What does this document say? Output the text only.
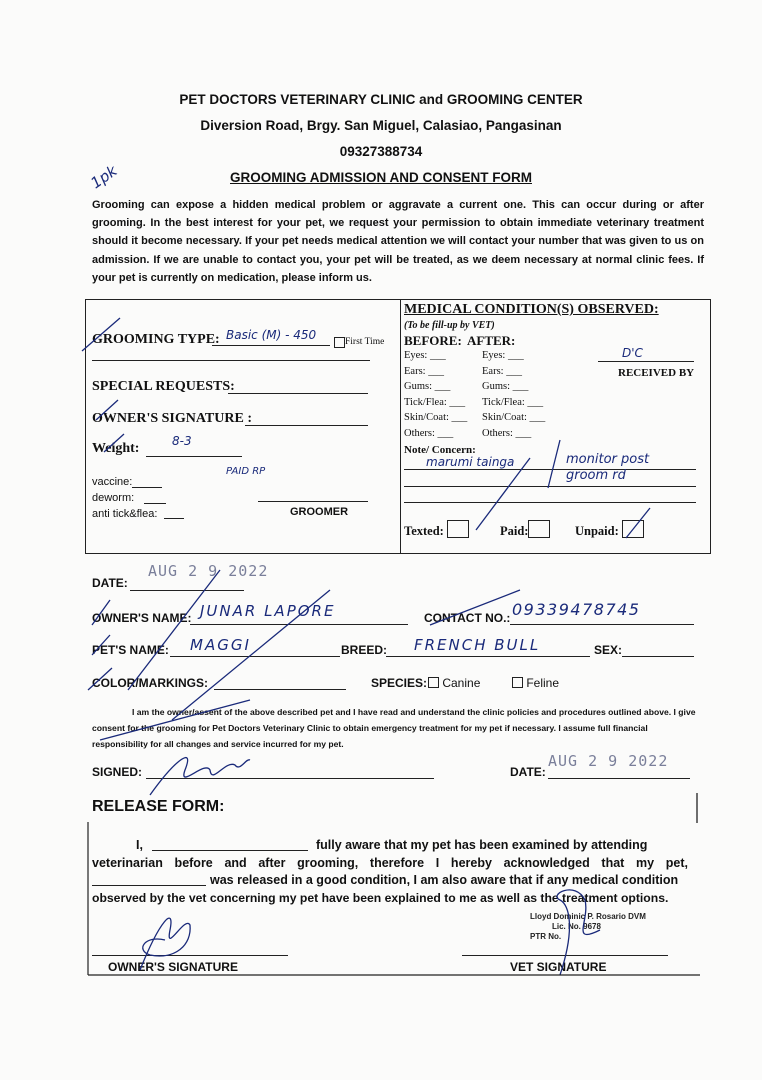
PET DOCTORS VETERINARY CLINIC and GROOMING CENTER
Diversion Road, Brgy. San Miguel, Calasiao, Pangasinan
09327388734
GROOMING ADMISSION AND CONSENT FORM
1pk
Grooming can expose a hidden medical problem or aggravate a current one. This can occur during or after grooming. In the best interest for your pet, we request your permission to obtain immediate veterinary treatment should it become necessary. If your pet needs medical attention we will contact your number that was given to us on admission. If we are unable to contact you, your pet will be treated, as we deem necessary at normal clinic fees. If your pet is currently on medication, please inform us.
GROOMING TYPE: Basic (M) - 450	First Time
SPECIAL REQUESTS:
OWNER'S SIGNATURE :
Weight:	8-3
PAID RP
vaccine:
deworm:
anti tick&flea:	GROOMER
MEDICAL CONDITION(S) OBSERVED:
(To be fill-up by VET)
BEFORE: AFTER:
Eyes: ___	Eyes: ___
Ears: ___	Ears: ___
Gums: ___	Gums: ___
Tick/Flea: ___ Tick/Flea: ___
Skin/Coat: ___ Skin/Coat: ___
Others: ___	Others: ___
D'C
RECEIVED BY
Note/ Concern:
marumi tainga	monitor post groom rd
Texted:	Paid:	Unpaid:
DATE:
AUG 2 9 2022
OWNER'S NAME: JUNAR LAPORE	CONTACT NO.: 09339478745
PET'S NAME: MAGGI	BREED: FRENCH BULL	SEX:
COLOR/MARKINGS:	SPECIES:	Canine	Feline
I am the owner/assent of the above described pet and I have read and understand the clinic policies and procedures outlined above. I give consent for the grooming for Pet Doctors Veterinary Clinic to obtain emergency treatment for my pet if necessary. I assume full financial responsibility for all changes and service incurred for my pet.
SIGNED:	DATE:
AUG 2 9 2022
RELEASE FORM:
I,	fully aware that my pet has been examined by attending
veterinarian before and after grooming, therefore I hereby acknowledged that my pet,
was released in a good condition, I am also aware that if any medical condition
observed by the vet concerning my pet have been explained to me as well as the treatment options.
OWNER'S SIGNATURE	VET SIGNATURE
Lloyd Dominic P. Rosario DVM
Lic. No. 9678
PTR No.
